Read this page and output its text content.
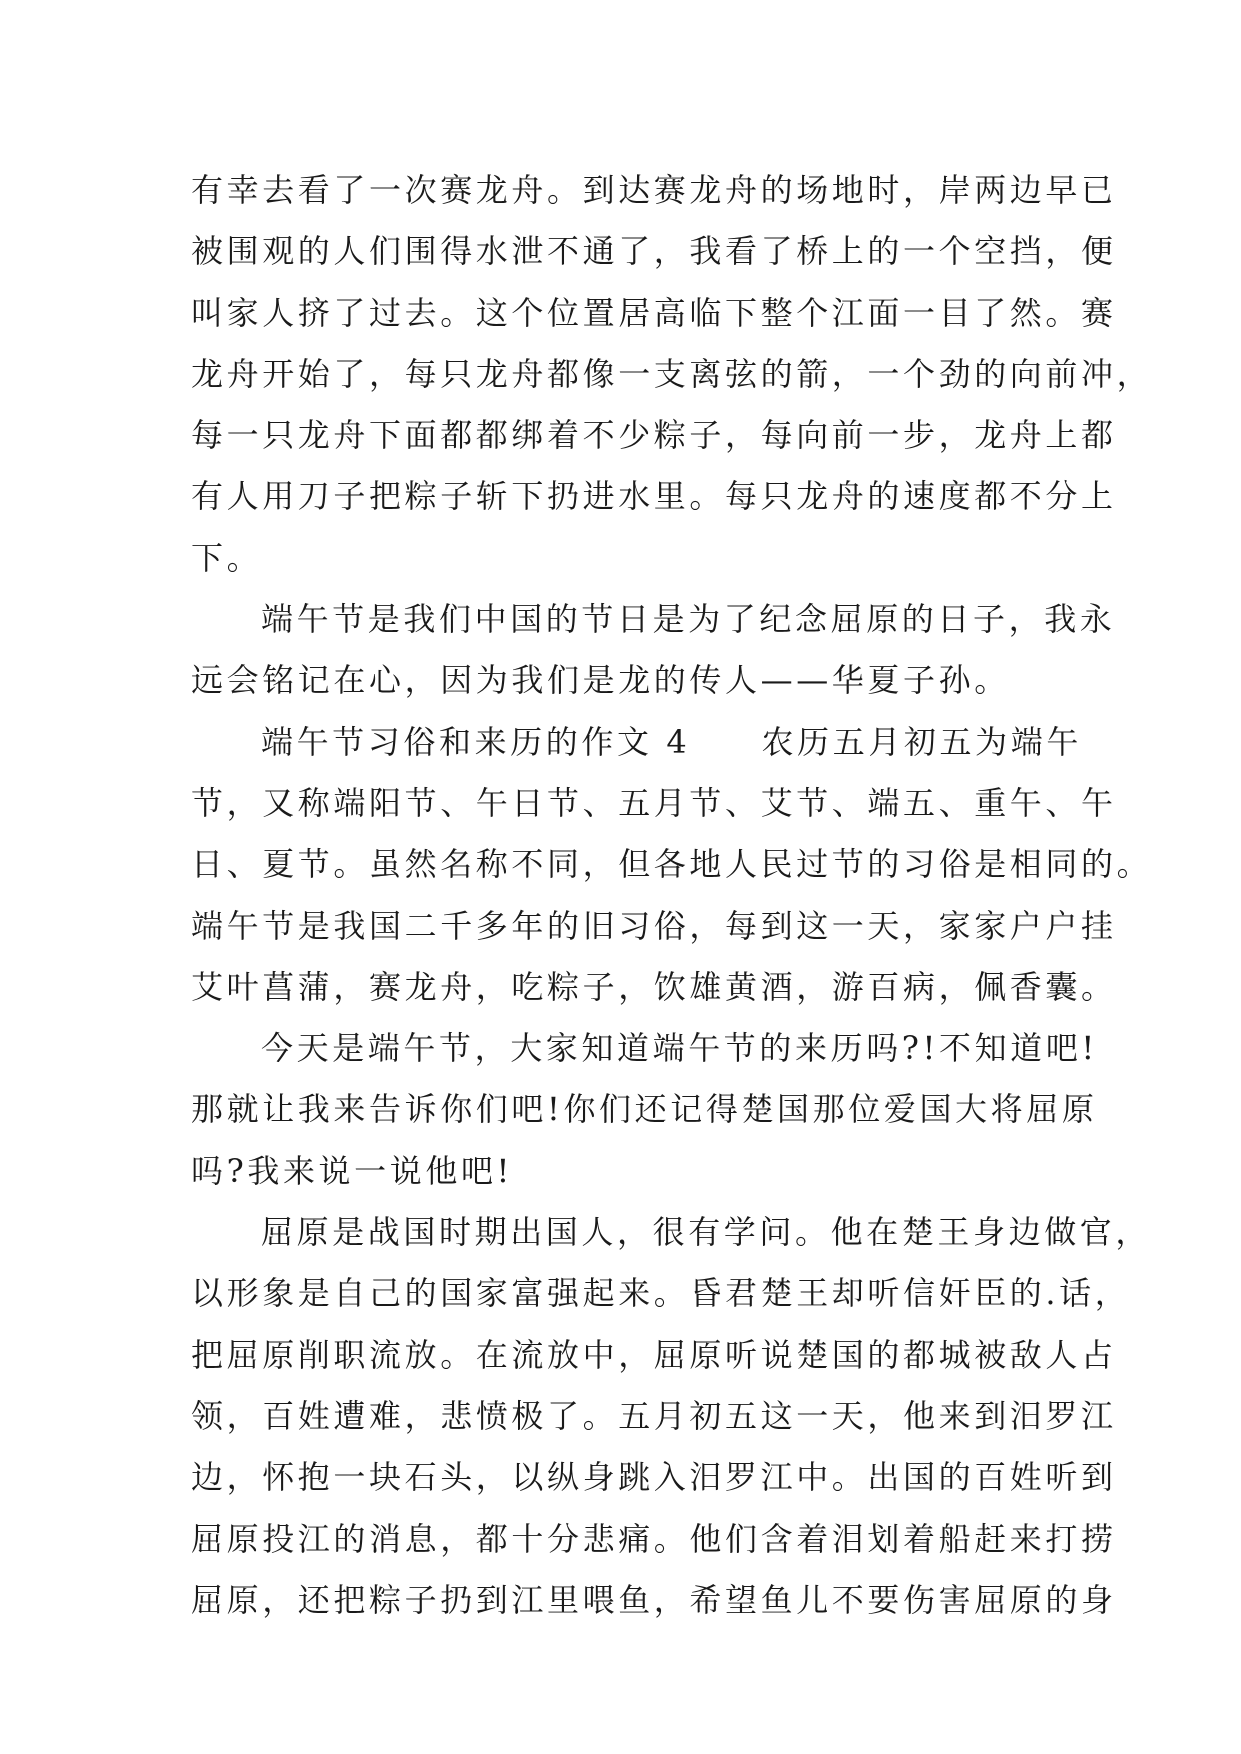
有幸去看了一次赛龙舟。到达赛龙舟的场地时，岸两边早已
被围观的人们围得水泄不通了，我看了桥上的一个空挡，便
叫家人挤了过去。这个位置居高临下整个江面一目了然。赛
龙舟开始了，每只龙舟都像一支离弦的箭，一个劲的向前冲，
每一只龙舟下面都都绑着不少粽子，每向前一步，龙舟上都
有人用刀子把粽子斩下扔进水里。每只龙舟的速度都不分上
下。
端午节是我们中国的节日是为了纪念屈原的日子，我永
远会铭记在心，因为我们是龙的传人——华夏子孙。
端午节习俗和来历的作文 4　　农历五月初五为端午
节，又称端阳节、午日节、五月节、艾节、端五、重午、午
日、夏节。虽然名称不同，但各地人民过节的习俗是相同的。
端午节是我国二千多年的旧习俗，每到这一天，家家户户挂
艾叶菖蒲，赛龙舟，吃粽子，饮雄黄酒，游百病，佩香囊。
今天是端午节，大家知道端午节的来历吗?!不知道吧!
那就让我来告诉你们吧!你们还记得楚国那位爱国大将屈原
吗?我来说一说他吧!
屈原是战国时期出国人，很有学问。他在楚王身边做官，
以形象是自己的国家富强起来。昏君楚王却听信奸臣的.话，
把屈原削职流放。在流放中，屈原听说楚国的都城被敌人占
领，百姓遭难，悲愤极了。五月初五这一天，他来到汨罗江
边，怀抱一块石头，以纵身跳入汨罗江中。出国的百姓听到
屈原投江的消息，都十分悲痛。他们含着泪划着船赶来打捞
屈原，还把粽子扔到江里喂鱼，希望鱼儿不要伤害屈原的身
